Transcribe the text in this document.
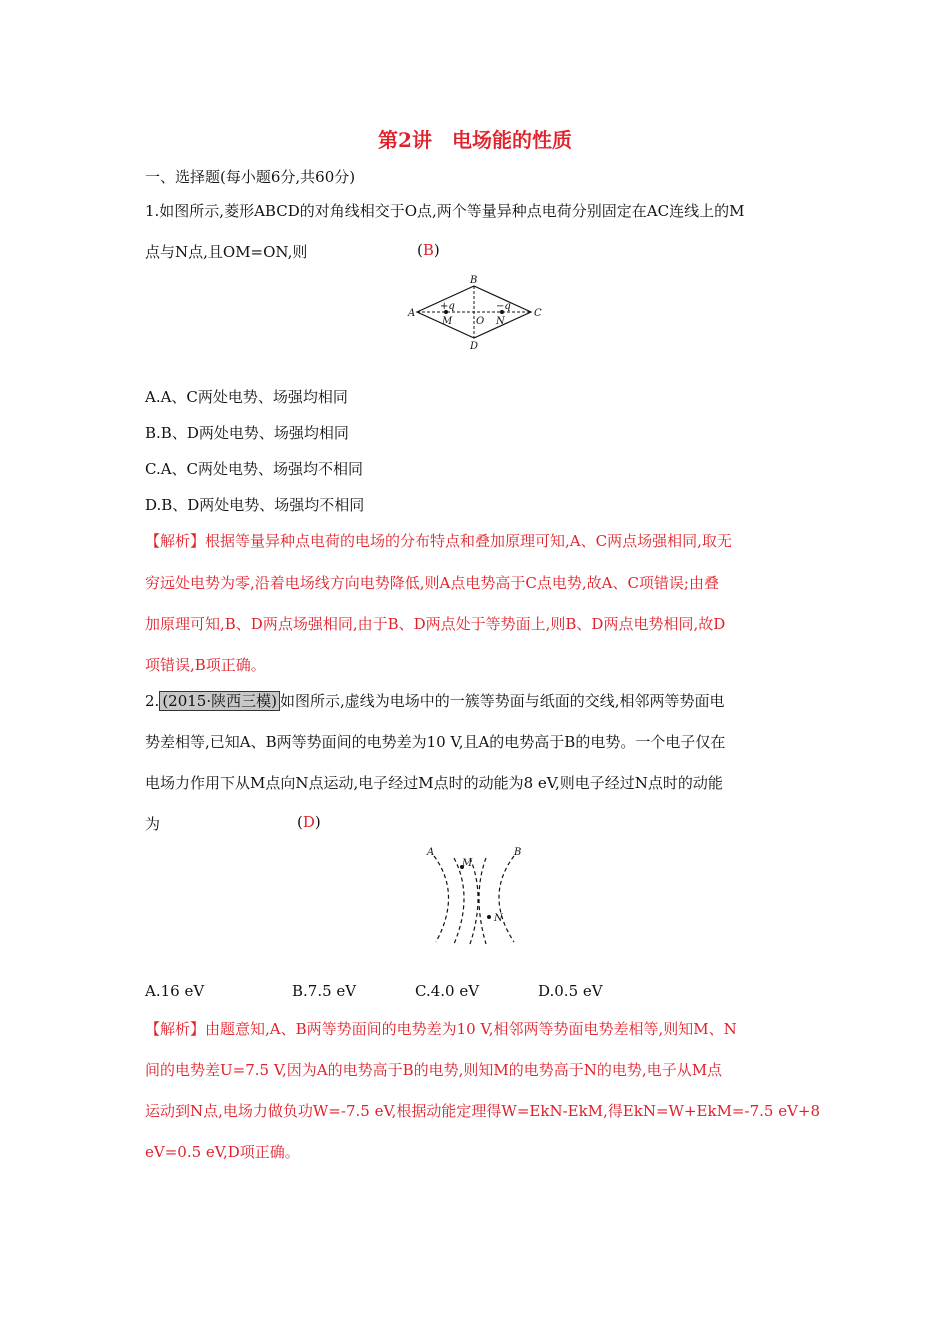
第2讲　电场能的性质
一、选择题(每小题6分,共60分)
1.如图所示,菱形ABCD的对角线相交于O点,两个等量异种点电荷分别固定在AC连线上的M
点与N点,且OM=ON,则	(B)
B
A	C
D
+q	−q
M O N
A.A、C两处电势、场强均相同
B.B、D两处电势、场强均相同
C.A、C两处电势、场强均不相同
D.B、D两处电势、场强均不相同
【解析】根据等量异种点电荷的电场的分布特点和叠加原理可知,A、C两点场强相同,取无
穷远处电势为零,沿着电场线方向电势降低,则A点电势高于C点电势,故A、C项错误;由叠
加原理可知,B、D两点场强相同,由于B、D两点处于等势面上,则B、D两点电势相同,故D
项错误,B项正确。
2. (2015·陕西三模) 如图所示,虚线为电场中的一簇等势面与纸面的交线,相邻两等势面电
势差相等,已知A、B两等势面间的电势差为10 V,且A的电势高于B的电势。一个电子仅在
电场力作用下从M点向N点运动,电子经过M点时的动能为8 eV,则电子经过N点时的动能
为	(D)
A	B
M
N
A.16 eV	B.7.5 eV	C.4.0 eV	D.0.5 eV
【解析】由题意知,A、B两等势面间的电势差为10 V,相邻两等势面电势差相等,则知M、N
间的电势差U=7.5 V,因为A的电势高于B的电势,则知M的电势高于N的电势,电子从M点
运动到N点,电场力做负功W=-7.5 eV,根据动能定理得W=EkN-EkM,得EkN=W+EkM=-7.5 eV+8
eV=0.5 eV,D项正确。
